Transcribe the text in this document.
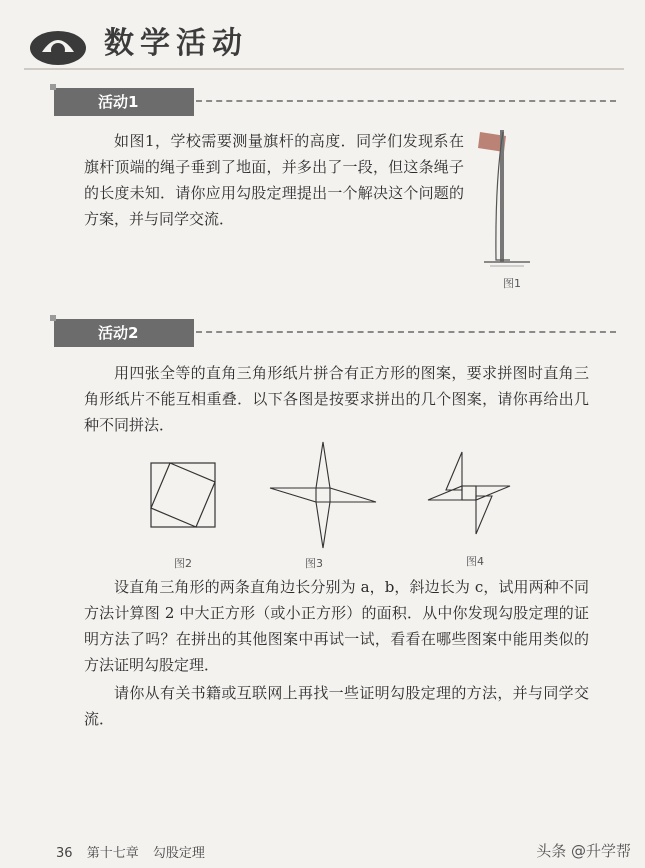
数学活动
活动1

如图1，学校需要测量旗杆的高度．同学们发现系在旗杆顶端的绳子垂到了地面，并多出了一段，但这条绳子的长度未知．请你应用勾股定理提出一个解决这个问题的方案，并与同学交流．

图1
活动2

用四张全等的直角三角形纸片拼合有正方形的图案，要求拼图时直角三角形纸片不能互相重叠．以下各图是按要求拼出的几个图案，请你再给出几种不同拼法．

图2	图3	图4

设直角三角形的两条直角边长分别为 a，b，斜边长为 c，试用两种不同方法计算图 2 中大正方形（或小正方形）的面积．从中你发现勾股定理的证明方法了吗？在拼出的其他图案中再试一试，看看在哪些图案中能用类似的方法证明勾股定理．

请你从有关书籍或互联网上再找一些证明勾股定理的方法，并与同学交流．

36 第十七章 勾股定理	头条 @升学帮
